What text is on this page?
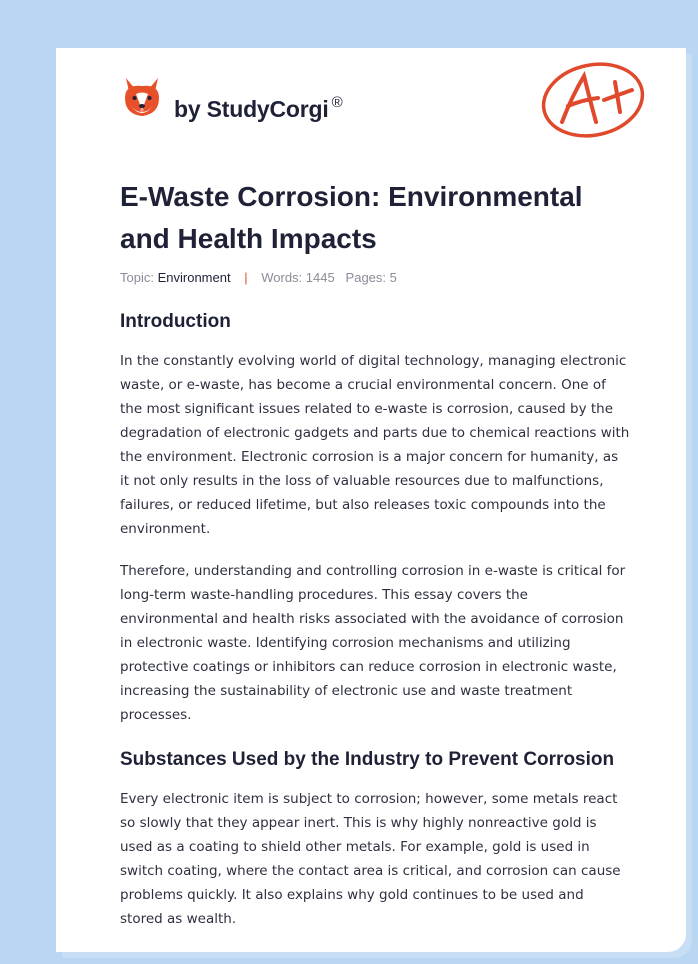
by StudyCorgi ®
E-Waste Corrosion: Environmental and Health Impacts
Topic: Environment | Words: 1445 Pages: 5
Introduction

In the constantly evolving world of digital technology, managing electronic waste, or e-waste, has become a crucial environmental concern. One of the most significant issues related to e-waste is corrosion, caused by the degradation of electronic gadgets and parts due to chemical reactions with the environment. Electronic corrosion is a major concern for humanity, as it not only results in the loss of valuable resources due to malfunctions, failures, or reduced lifetime, but also releases toxic compounds into the environment.

Therefore, understanding and controlling corrosion in e-waste is critical for long-term waste-handling procedures. This essay covers the environmental and health risks associated with the avoidance of corrosion in electronic waste. Identifying corrosion mechanisms and utilizing protective coatings or inhibitors can reduce corrosion in electronic waste, increasing the sustainability of electronic use and waste treatment processes.

Substances Used by the Industry to Prevent Corrosion

Every electronic item is subject to corrosion; however, some metals react so slowly that they appear inert. This is why highly nonreactive gold is used as a coating to shield other metals. For example, gold is used in switch coating, where the contact area is critical, and corrosion can cause problems quickly. It also explains why gold continues to be used and stored as wealth.
